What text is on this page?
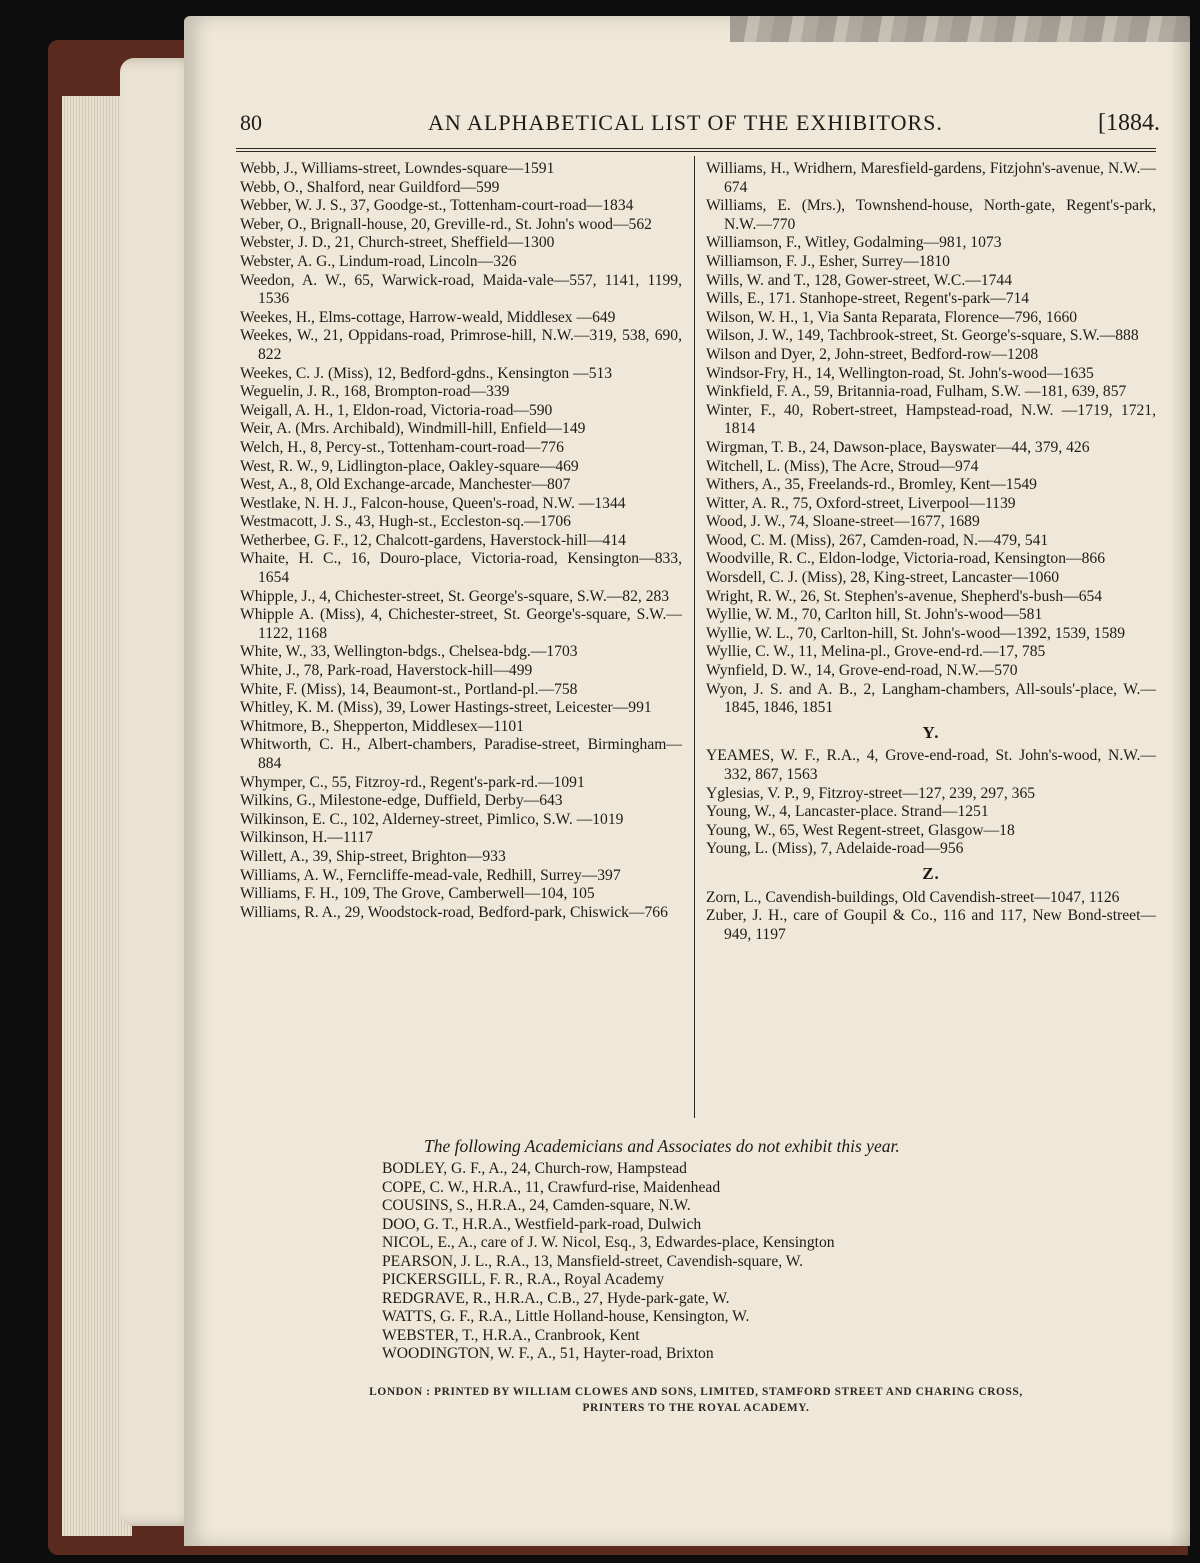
80	AN ALPHABETICAL LIST OF THE EXHIBITORS.	[1884.
Webb, J., Williams-street, Lowndes-square—1591
Webb, O., Shalford, near Guildford—599
Webber, W. J. S., 37, Goodge-st., Tottenham-court-road—1834
Weber, O., Brignall-house, 20, Greville-rd., St. John's wood—562
Webster, J. D., 21, Church-street, Sheffield—1300
Webster, A. G., Lindum-road, Lincoln—326
Weedon, A. W., 65, Warwick-road, Maida-vale—557, 1141, 1199, 1536
Weekes, H., Elms-cottage, Harrow-weald, Middlesex —649
Weekes, W., 21, Oppidans-road, Primrose-hill, N.W.—319, 538, 690, 822
Weekes, C. J. (Miss), 12, Bedford-gdns., Kensington —513
Weguelin, J. R., 168, Brompton-road—339
Weigall, A. H., 1, Eldon-road, Victoria-road—590
Weir, A. (Mrs. Archibald), Windmill-hill, Enfield—149
Welch, H., 8, Percy-st., Tottenham-court-road—776
West, R. W., 9, Lidlington-place, Oakley-square—469
West, A., 8, Old Exchange-arcade, Manchester—807
Westlake, N. H. J., Falcon-house, Queen's-road, N.W. —1344
Westmacott, J. S., 43, Hugh-st., Eccleston-sq.—1706
Wetherbee, G. F., 12, Chalcott-gardens, Haverstock-hill—414
Whaite, H. C., 16, Douro-place, Victoria-road, Kensington—833, 1654
Whipple, J., 4, Chichester-street, St. George's-square, S.W.—82, 283
Whipple A. (Miss), 4, Chichester-street, St. George's-square, S.W.—1122, 1168
White, W., 33, Wellington-bdgs., Chelsea-bdg.—1703
White, J., 78, Park-road, Haverstock-hill—499
White, F. (Miss), 14, Beaumont-st., Portland-pl.—758
Whitley, K. M. (Miss), 39, Lower Hastings-street, Leicester—991
Whitmore, B., Shepperton, Middlesex—1101
Whitworth, C. H., Albert-chambers, Paradise-street, Birmingham—884
Whymper, C., 55, Fitzroy-rd., Regent's-park-rd.—1091
Wilkins, G., Milestone-edge, Duffield, Derby—643
Wilkinson, E. C., 102, Alderney-street, Pimlico, S.W. —1019
Wilkinson, H.—1117
Willett, A., 39, Ship-street, Brighton—933
Williams, A. W., Ferncliffe-mead-vale, Redhill, Surrey—397
Williams, F. H., 109, The Grove, Camberwell—104, 105
Williams, R. A., 29, Woodstock-road, Bedford-park, Chiswick—766
Williams, H., Wridhern, Maresfield-gardens, Fitzjohn's-avenue, N.W.—674
Williams, E. (Mrs.), Townshend-house, North-gate, Regent's-park, N.W.—770
Williamson, F., Witley, Godalming—981, 1073
Williamson, F. J., Esher, Surrey—1810
Wills, W. and T., 128, Gower-street, W.C.—1744
Wills, E., 171. Stanhope-street, Regent's-park—714
Wilson, W. H., 1, Via Santa Reparata, Florence—796, 1660
Wilson, J. W., 149, Tachbrook-street, St. George's-square, S.W.—888
Wilson and Dyer, 2, John-street, Bedford-row—1208
Windsor-Fry, H., 14, Wellington-road, St. John's-wood—1635
Winkfield, F. A., 59, Britannia-road, Fulham, S.W. —181, 639, 857
Winter, F., 40, Robert-street, Hampstead-road, N.W. —1719, 1721, 1814
Wirgman, T. B., 24, Dawson-place, Bayswater—44, 379, 426
Witchell, L. (Miss), The Acre, Stroud—974
Withers, A., 35, Freelands-rd., Bromley, Kent—1549
Witter, A. R., 75, Oxford-street, Liverpool—1139
Wood, J. W., 74, Sloane-street—1677, 1689
Wood, C. M. (Miss), 267, Camden-road, N.—479, 541
Woodville, R. C., Eldon-lodge, Victoria-road, Kensington—866
Worsdell, C. J. (Miss), 28, King-street, Lancaster—1060
Wright, R. W., 26, St. Stephen's-avenue, Shepherd's-bush—654
Wyllie, W. M., 70, Carlton hill, St. John's-wood—581
Wyllie, W. L., 70, Carlton-hill, St. John's-wood—1392, 1539, 1589
Wyllie, C. W., 11, Melina-pl., Grove-end-rd.—17, 785
Wynfield, D. W., 14, Grove-end-road, N.W.—570
Wyon, J. S. and A. B., 2, Langham-chambers, All-souls'-place, W.—1845, 1846, 1851
Y.
YEAMES, W. F., R.A., 4, Grove-end-road, St. John's-wood, N.W.—332, 867, 1563
Yglesias, V. P., 9, Fitzroy-street—127, 239, 297, 365
Young, W., 4, Lancaster-place. Strand—1251
Young, W., 65, West Regent-street, Glasgow—18
Young, L. (Miss), 7, Adelaide-road—956
Z.
Zorn, L., Cavendish-buildings, Old Cavendish-street—1047, 1126
Zuber, J. H., care of Goupil & Co., 116 and 117, New Bond-street—949, 1197
The following Academicians and Associates do not exhibit this year.
BODLEY, G. F., A., 24, Church-row, Hampstead
COPE, C. W., H.R.A., 11, Crawfurd-rise, Maidenhead
COUSINS, S., H.R.A., 24, Camden-square, N.W.
DOO, G. T., H.R.A., Westfield-park-road, Dulwich
NICOL, E., A., care of J. W. Nicol, Esq., 3, Edwardes-place, Kensington
PEARSON, J. L., R.A., 13, Mansfield-street, Cavendish-square, W.
PICKERSGILL, F. R., R.A., Royal Academy
REDGRAVE, R., H.R.A., C.B., 27, Hyde-park-gate, W.
WATTS, G. F., R.A., Little Holland-house, Kensington, W.
WEBSTER, T., H.R.A., Cranbrook, Kent
WOODINGTON, W. F., A., 51, Hayter-road, Brixton
LONDON : PRINTED BY WILLIAM CLOWES AND SONS, LIMITED, STAMFORD STREET AND CHARING CROSS,
PRINTERS TO THE ROYAL ACADEMY.
